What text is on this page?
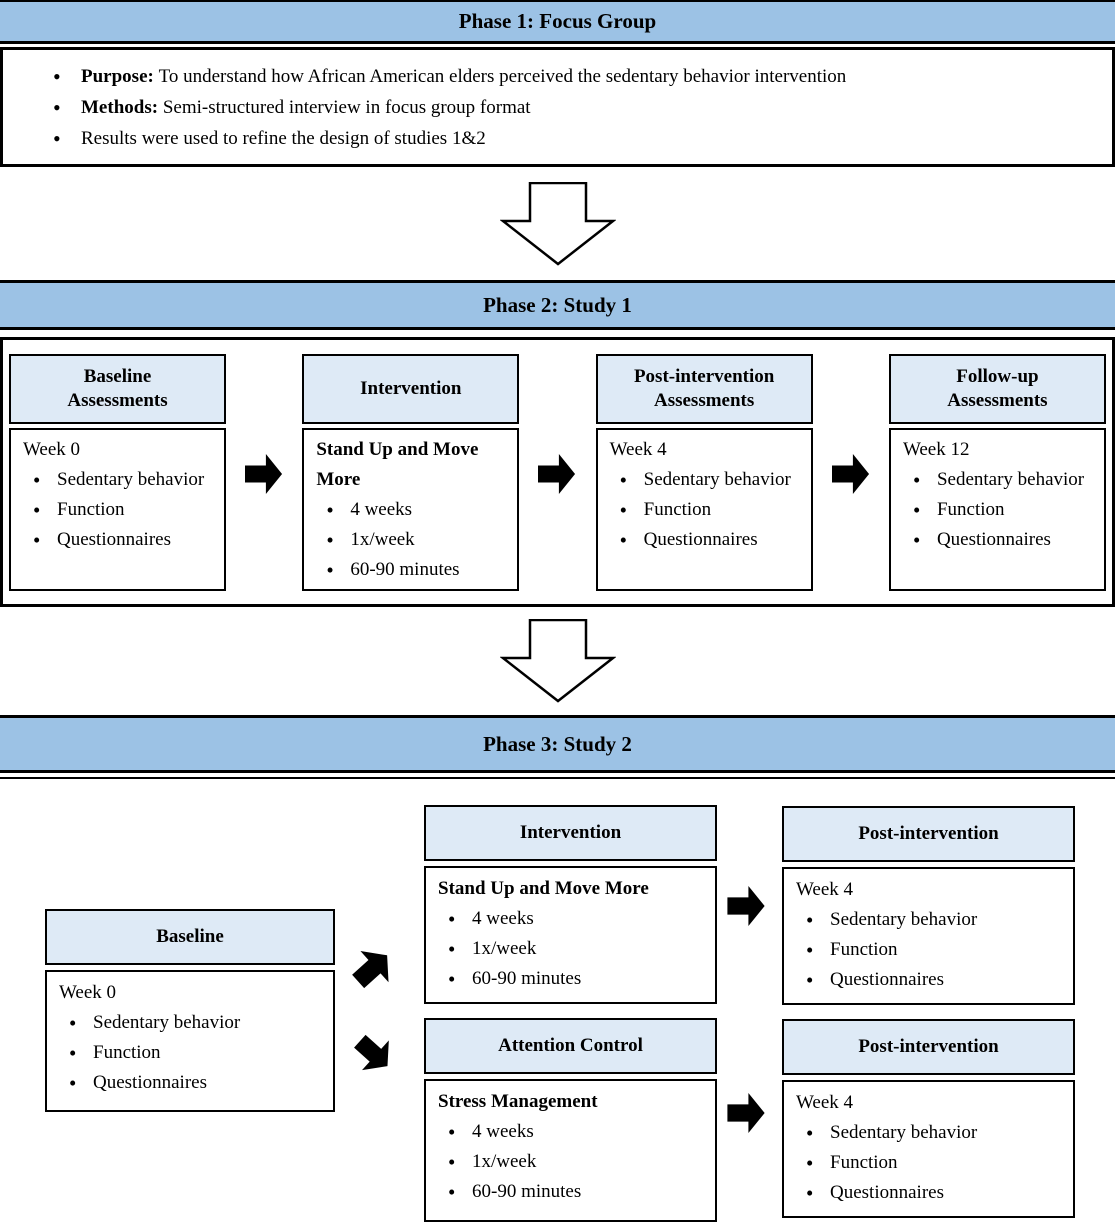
Phase 1: Focus Group
• Purpose: To understand how African American elders perceived the sedentary behavior intervention
• Methods: Semi-structured interview in focus group format
• Results were used to refine the design of studies 1&2
Phase 2: Study 1
Baseline Assessments
Week 0
• Sedentary behavior
• Function
• Questionnaires
Intervention
Stand Up and Move More
• 4 weeks
• 1x/week
• 60-90 minutes
Post-intervention Assessments
Week 4
• Sedentary behavior
• Function
• Questionnaires
Follow-up Assessments
Week 12
• Sedentary behavior
• Function
• Questionnaires
Phase 3: Study 2
Baseline
Week 0
• Sedentary behavior
• Function
• Questionnaires
Intervention
Stand Up and Move More
• 4 weeks
• 1x/week
• 60-90 minutes
Post-intervention
Week 4
• Sedentary behavior
• Function
• Questionnaires
Attention Control
Stress Management
• 4 weeks
• 1x/week
• 60-90 minutes
Post-intervention
Week 4
• Sedentary behavior
• Function
• Questionnaires
